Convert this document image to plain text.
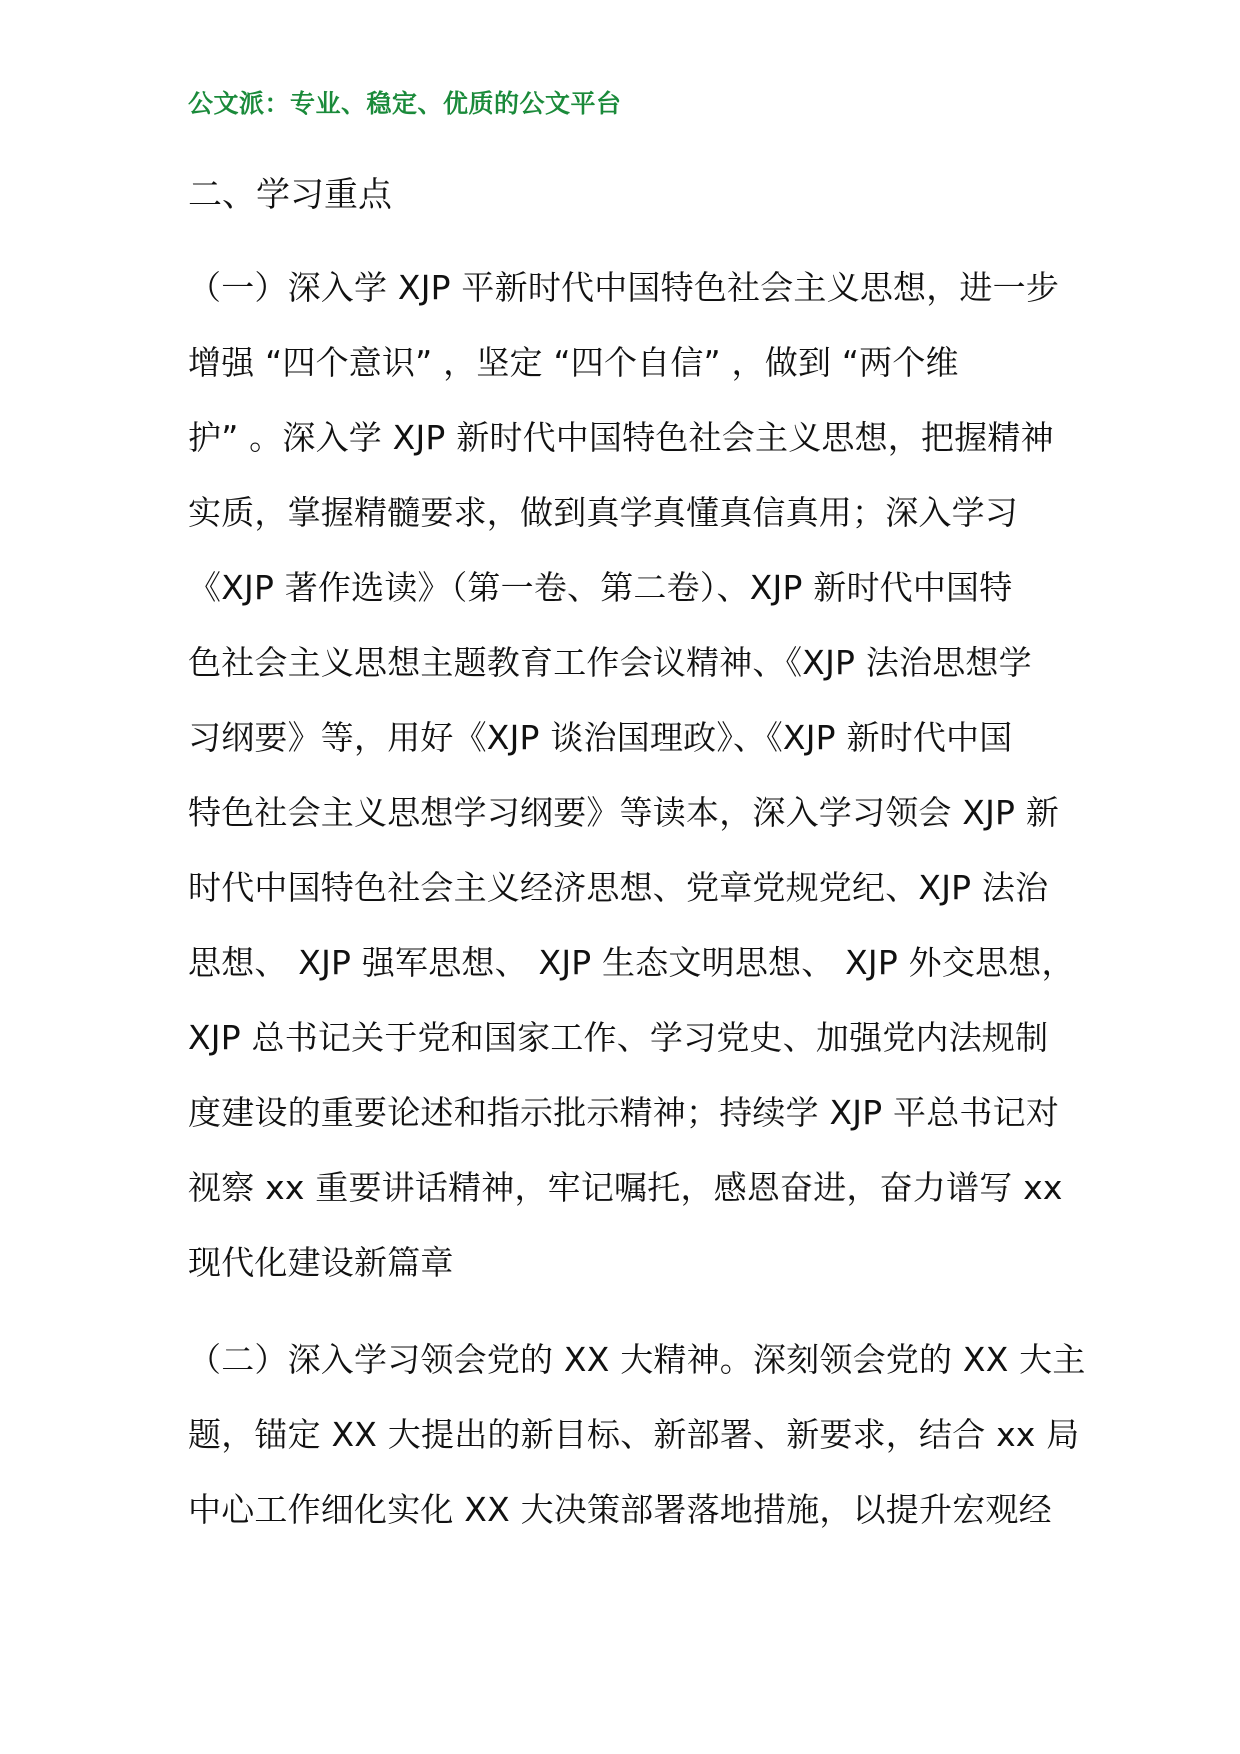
公文派：专业、稳定、优质的公文平台
二、学习重点
（一）深入学 XJP 平新时代中国特色社会主义思想，进一步
增强 “四个意识” ，坚定 “四个自信” ，做到 “两个维
护” 。深入学 XJP 新时代中国特色社会主义思想，把握精神
实质，掌握精髓要求，做到真学真懂真信真用；深入学习
《XJP 著作选读》（第一卷、第二卷）、XJP 新时代中国特
色社会主义思想主题教育工作会议精神、《XJP 法治思想学
习纲要》等，用好《XJP 谈治国理政》、《XJP 新时代中国
特色社会主义思想学习纲要》等读本，深入学习领会 XJP 新
时代中国特色社会主义经济思想、党章党规党纪、XJP 法治
思想、 XJP 强军思想、 XJP 生态文明思想、 XJP 外交思想，
XJP 总书记关于党和国家工作、学习党史、加强党内法规制
度建设的重要论述和指示批示精神；持续学 XJP 平总书记对
视察 xx 重要讲话精神，牢记嘱托，感恩奋进，奋力谱写 xx
现代化建设新篇章
（二）深入学习领会党的 XX 大精神。深刻领会党的 XX 大主
题，锚定 XX 大提出的新目标、新部署、新要求，结合 xx 局
中心工作细化实化 XX 大决策部署落地措施，以提升宏观经
